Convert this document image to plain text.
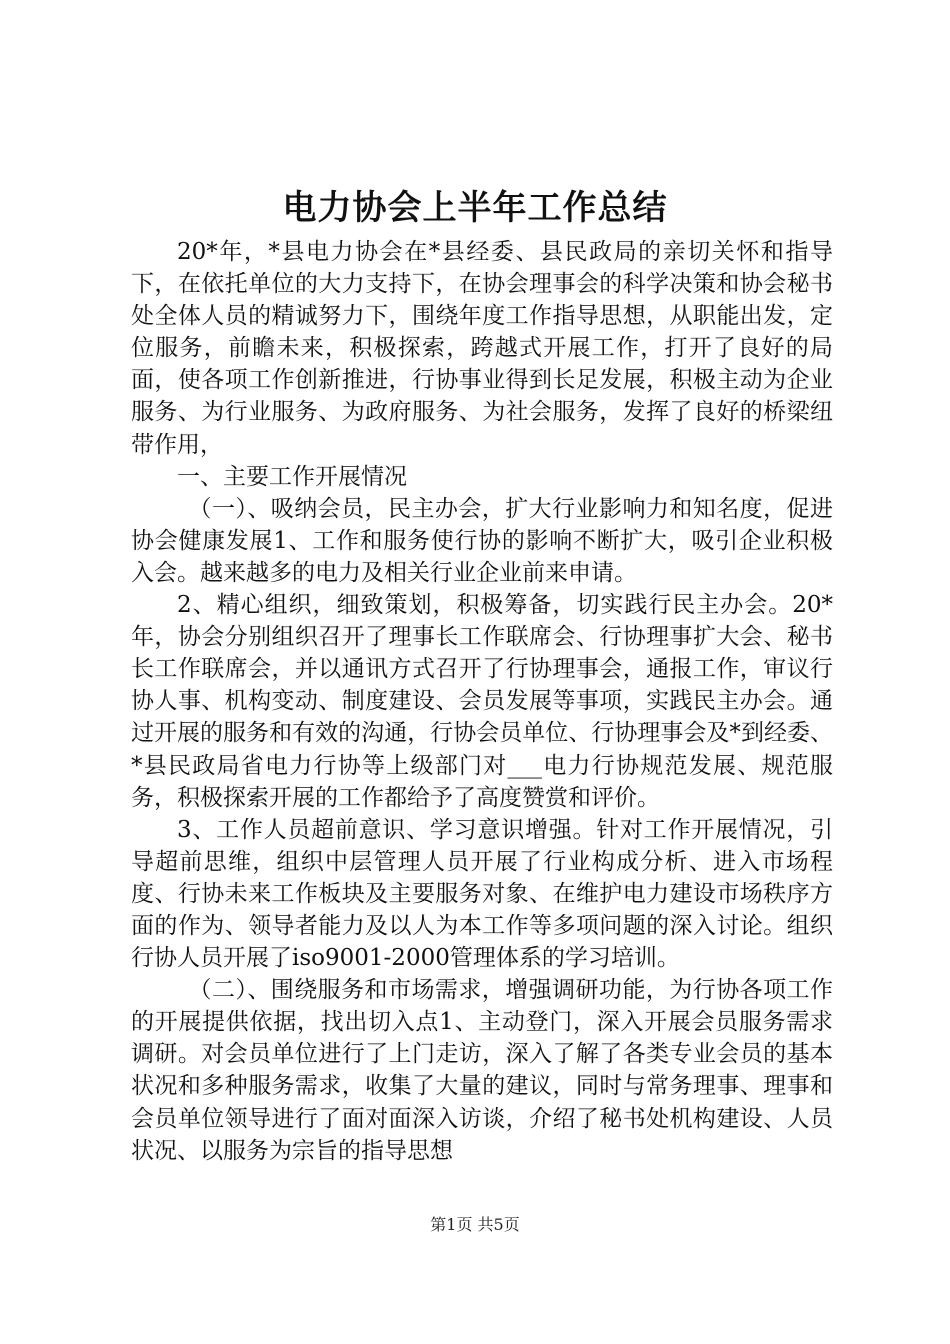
电力协会上半年工作总结

20*年，*县电力协会在*县经委、县民政局的亲切关怀和指导下，在依托单位的大力支持下，在协会理事会的科学决策和协会秘书处全体人员的精诚努力下，围绕年度工作指导思想，从职能出发，定位服务，前瞻未来，积极探索，跨越式开展工作，打开了良好的局面，使各项工作创新推进，行协事业得到长足发展，积极主动为企业服务、为行业服务、为政府服务、为社会服务，发挥了良好的桥梁纽带作用，

一、主要工作开展情况

（一）、吸纳会员，民主办会，扩大行业影响力和知名度，促进协会健康发展1、工作和服务使行协的影响不断扩大，吸引企业积极入会。越来越多的电力及相关行业企业前来申请。

2、精心组织，细致策划，积极筹备，切实践行民主办会。20*年，协会分别组织召开了理事长工作联席会、行协理事扩大会、秘书长工作联席会，并以通讯方式召开了行协理事会，通报工作，审议行协人事、机构变动、制度建设、会员发展等事项，实践民主办会。通过开展的服务和有效的沟通，行协会员单位、行协理事会及*到经委、*县民政局省电力行协等上级部门对___电力行协规范发展、规范服务，积极探索开展的工作都给予了高度赞赏和评价。

3、工作人员超前意识、学习意识增强。针对工作开展情况，引导超前思维，组织中层管理人员开展了行业构成分析、进入市场程度、行协未来工作板块及主要服务对象、在维护电力建设市场秩序方面的作为、领导者能力及以人为本工作等多项问题的深入讨论。组织行协人员开展了iso9001-2000管理体系的学习培训。

（二）、围绕服务和市场需求，增强调研功能，为行协各项工作的开展提供依据，找出切入点1、主动登门，深入开展会员服务需求调研。对会员单位进行了上门走访，深入了解了各类专业会员的基本状况和多种服务需求，收集了大量的建议，同时与常务理事、理事和会员单位领导进行了面对面深入访谈，介绍了秘书处机构建设、人员状况、以服务为宗旨的指导思想

第1页 共5页
